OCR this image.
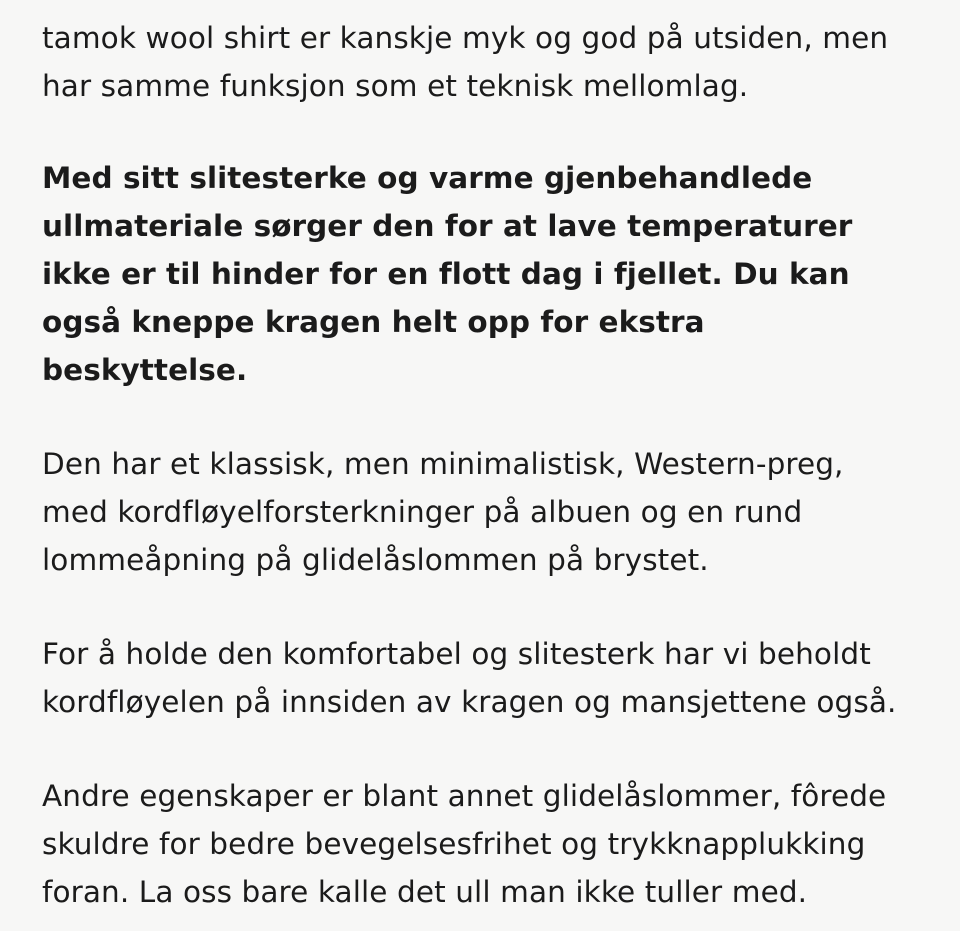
tamok wool shirt er kanskje myk og god på utsiden, men har samme funksjon som et teknisk mellomlag.

Med sitt slitesterke og varme gjenbehandlede ullmateriale sørger den for at lave temperaturer ikke er til hinder for en flott dag i fjellet. Du kan også kneppe kragen helt opp for ekstra beskyttelse.

Den har et klassisk, men minimalistisk, Western-preg, med kordfløyelforsterkninger på albuen og en rund lommeåpning på glidelåslommen på brystet.

For å holde den komfortabel og slitesterk har vi beholdt kordfløyelen på innsiden av kragen og mansjettene også.

Andre egenskaper er blant annet glidelåslommer, fôrede skuldre for bedre bevegelsesfrihet og trykknapplukking foran. La oss bare kalle det ull man ikke tuller med.
